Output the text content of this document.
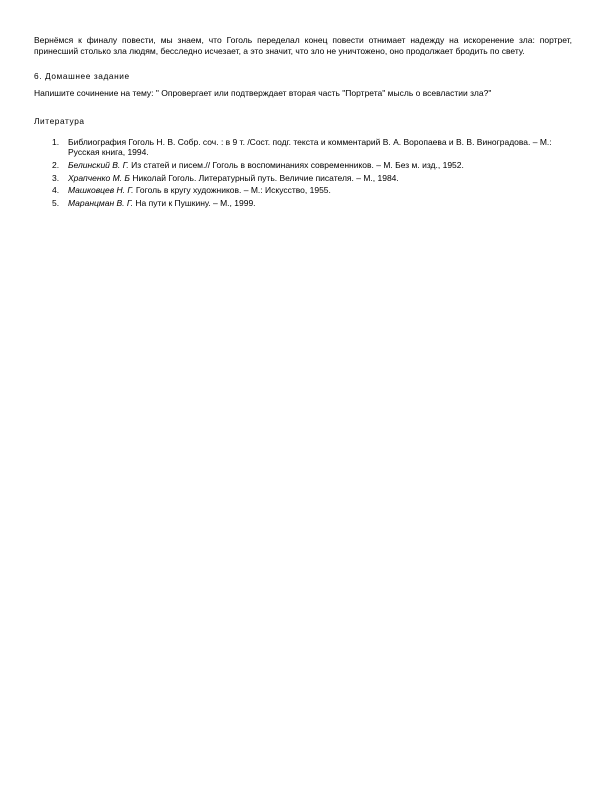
Вернёмся к финалу повести, мы знаем, что Гоголь переделал конец повести отнимает надежду на искоренение зла: портрет, принесший столько зла людям, бесследно исчезает, а это значит, что зло не уничтожено, оно продолжает бродить по свету.

6. Домашнее задание

Напишите сочинение на тему: " Опровергает или подтверждает вторая часть "Портрета" мысль о всевластии зла?"

Литература
1.	Библиография Гоголь Н. В. Собр. соч. : в 9 т. /Сост. подг. текста и комментарий В. А. Воропаева и В. В. Виноградова. – М.: Русская книга, 1994.
2.	Белинский В. Г. Из статей и писем.// Гоголь в воспоминаниях современников. – М. Без м. изд., 1952.
3.	Храпченко М. Б Николай Гоголь. Литературный путь. Величие писателя. – М., 1984.
4.	Машковцев Н. Г. Гоголь в кругу художников. – М.: Искусство, 1955.
5.	Маранцман В. Г. На пути к Пушкину. – М., 1999.
